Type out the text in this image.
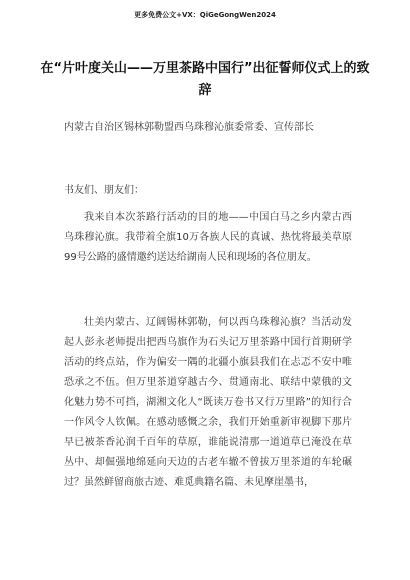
更多免费公文+VX：QiGeGongWen2024
在“片叶度关山——万里茶路中国行”出征誓师仪式上的致辞
内蒙古自治区锡林郭勒盟西乌珠穆沁旗委常委、宣传部长
书友们、朋友们：

我来自本次茶路行活动的目的地——中国白马之乡内蒙古西乌珠穆沁旗。我带着全旗10万各族人民的真诚、热忱将最美草原99号公路的盛情邀约送达给湖南人民和现场的各位朋友。

壮美内蒙古、辽阔锡林郭勒，何以西乌珠穆沁旗？当活动发起人彭永老师提出把西乌旗作为石头记万里茶路中国行首期研学活动的终点站，作为偏安一隅的北疆小旗县我们在忐忑不安中唯恐承之不伍。但万里茶道穿越古今、贯通南北、联结中蒙俄的文化魅力势不可挡，湖湘文化人“既读万卷书又行万里路”的知行合一作风令人钦佩。在感动感慨之余，我们开始重新审视脚下那片早已被茶香沁润千百年的草原，谁能说清那一道道草已淹没在草丛中、却倔强地绵延向天边的古老车辙不曾拔万里茶道的车轮碾过？虽然鲜留商旅古迹、难觅典籍名篇、未见摩崖墨书，
